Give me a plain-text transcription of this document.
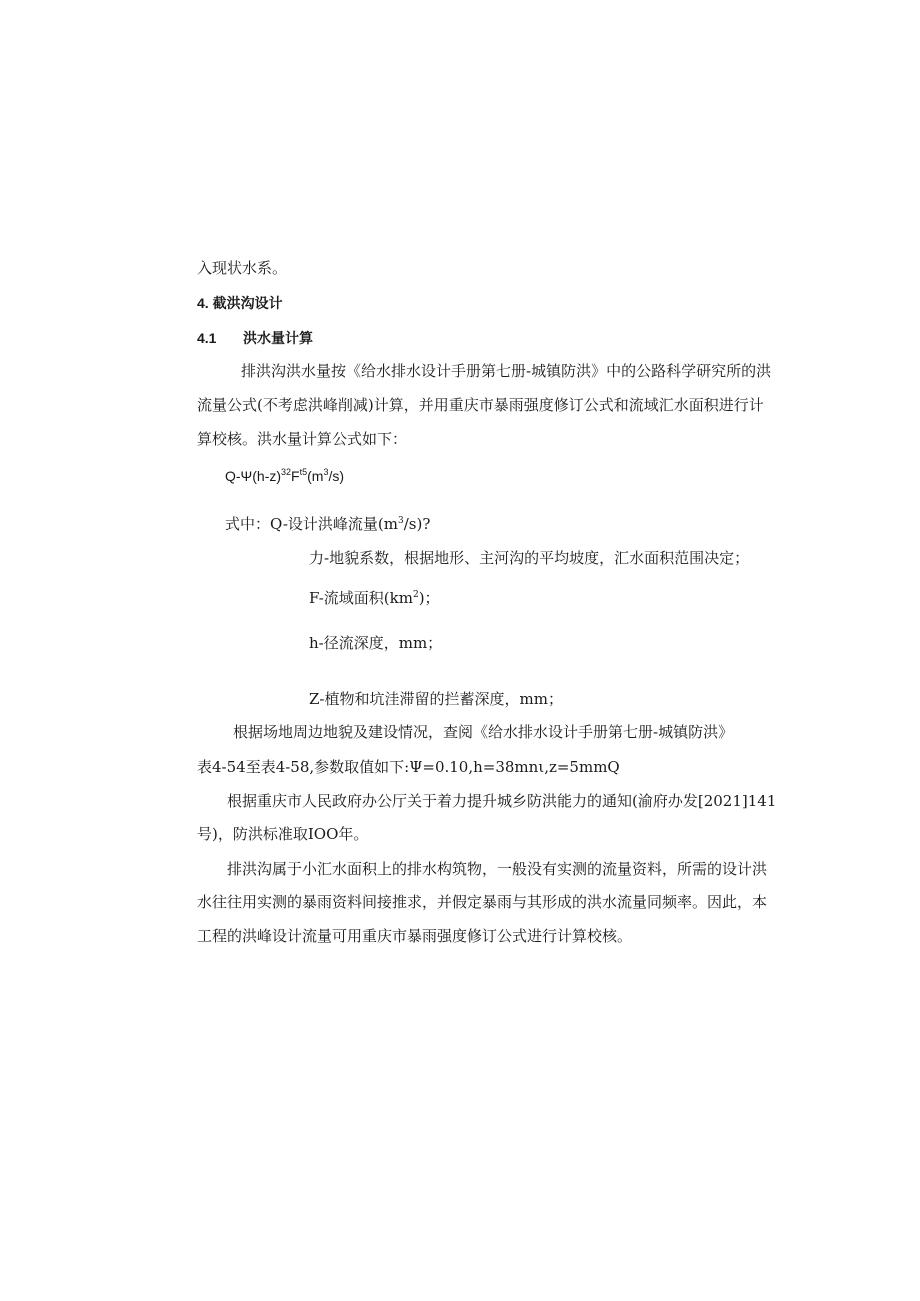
入现状水系。
4. 截洪沟设计
4.1 洪水量计算
排洪沟洪水量按《给水排水设计手册第七册-城镇防洪》中的公路科学研究所的洪
流量公式(不考虑洪峰削减)计算，并用重庆市暴雨强度修订公式和流域汇水面积进行计
算校核。洪水量计算公式如下：
$Q-\Psi(h-z)^{32}F^{t5}(m^3/s)$
式中：Q-设计洪峰流量$(m^3/s)$?
力-地貌系数，根据地形、主河沟的平均坡度，汇水面积范围决定；
F-流域面积$(km^2)$；
h-径流深度，mm；
Z-植物和坑洼滞留的拦蓄深度，mm；
根据场地周边地貌及建设情况，查阅《给水排水设计手册第七册-城镇防洪》
表4-54至表4-58,参数取值如下:Ψ=0.10,h=38mnι,z=5mmQ
根据重庆市人民政府办公厅关于着力提升城乡防洪能力的通知(渝府办发[2021]141
号)，防洪标准取IOO年。
排洪沟属于小汇水面积上的排水构筑物，一般没有实测的流量资料，所需的设计洪
水往往用实测的暴雨资料间接推求，并假定暴雨与其形成的洪水流量同频率。因此，本
工程的洪峰设计流量可用重庆市暴雨强度修订公式进行计算校核。
